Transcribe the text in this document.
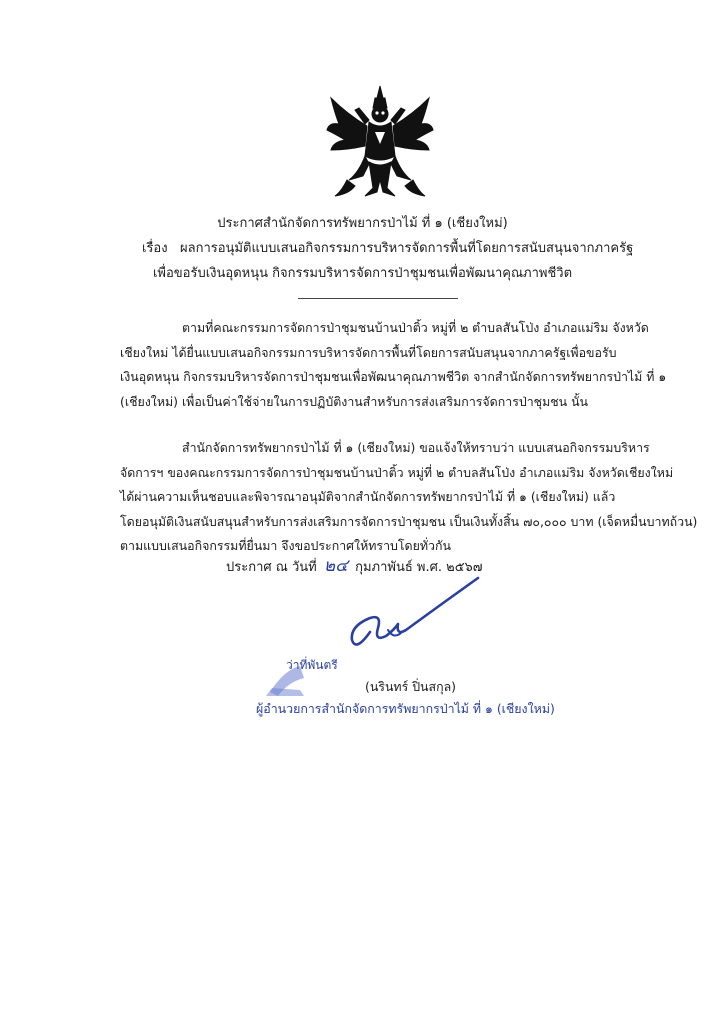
ประกาศสำนักจัดการทรัพยากรป่าไม้ ที่ ๑ (เชียงใหม่)
เรื่อง ผลการอนุมัติแบบเสนอกิจกรรมการบริหารจัดการพื้นที่โดยการสนับสนุนจากภาครัฐ
เพื่อขอรับเงินอุดหนุน กิจกรรมบริหารจัดการป่าชุมชนเพื่อพัฒนาคุณภาพชีวิต
ตามที่คณะกรรมการจัดการป่าชุมชนบ้านป่าติ้ว หมู่ที่ ๒ ตำบลสันโป่ง อำเภอแม่ริม จังหวัด
เชียงใหม่ ได้ยื่นแบบเสนอกิจกรรมการบริหารจัดการพื้นที่โดยการสนับสนุนจากภาครัฐเพื่อขอรับ
เงินอุดหนุน กิจกรรมบริหารจัดการป่าชุมชนเพื่อพัฒนาคุณภาพชีวิต จากสำนักจัดการทรัพยากรป่าไม้ ที่ ๑
(เชียงใหม่) เพื่อเป็นค่าใช้จ่ายในการปฏิบัติงานสำหรับการส่งเสริมการจัดการป่าชุมชน นั้น
สำนักจัดการทรัพยากรป่าไม้ ที่ ๑ (เชียงใหม่) ขอแจ้งให้ทราบว่า แบบเสนอกิจกรรมบริหาร
จัดการฯ ของคณะกรรมการจัดการป่าชุมชนบ้านป่าติ้ว หมู่ที่ ๒ ตำบลสันโป่ง อำเภอแม่ริม จังหวัดเชียงใหม่
ได้ผ่านความเห็นชอบและพิจารณาอนุมัติจากสำนักจัดการทรัพยากรป่าไม้ ที่ ๑ (เชียงใหม่) แล้ว
โดยอนุมัติเงินสนับสนุนสำหรับการส่งเสริมการจัดการป่าชุมชน เป็นเงินทั้งสิ้น ๗๐,๐๐๐ บาท (เจ็ดหมื่นบาทถ้วน)
ตามแบบเสนอกิจกรรมที่ยื่นมา จึงขอประกาศให้ทราบโดยทั่วกัน
ประกาศ ณ วันที่ ๒๔ กุมภาพันธ์ พ.ศ. ๒๕๖๗
ว่าที่พันตรี
(นรินทร์ ปิ่นสกุล)
ผู้อำนวยการสำนักจัดการทรัพยากรป่าไม้ ที่ ๑ (เชียงใหม่)
